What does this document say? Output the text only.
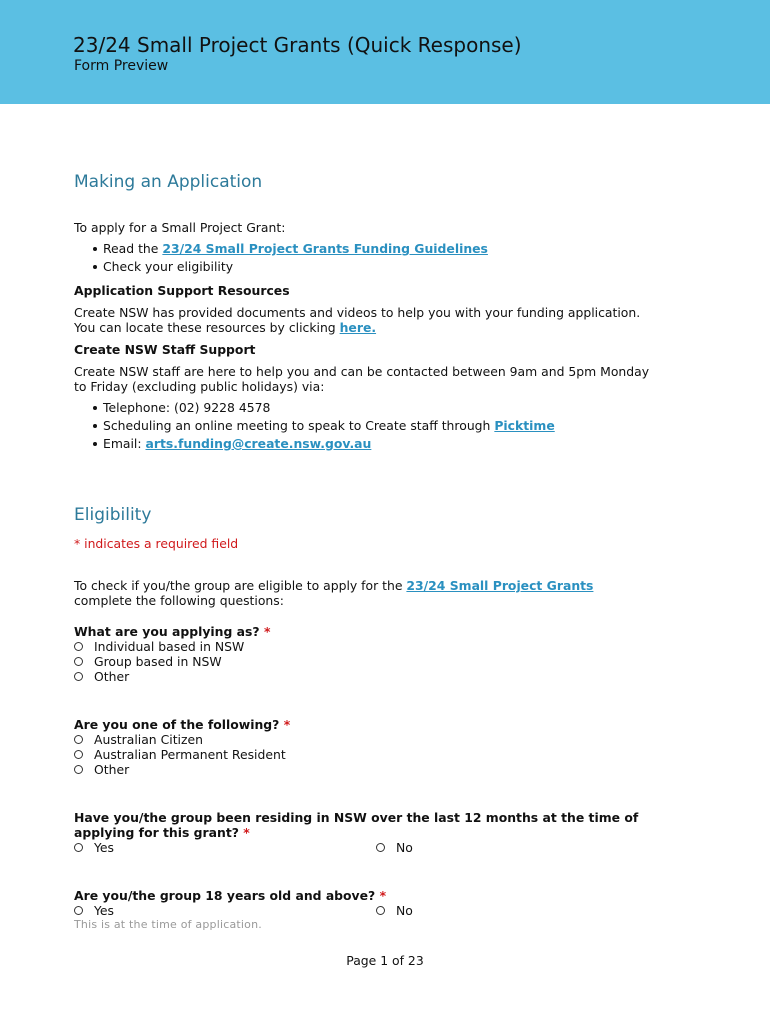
23/24 Small Project Grants (Quick Response)
Form Preview
Making an Application
To apply for a Small Project Grant:
Read the 23/24 Small Project Grants Funding Guidelines
Check your eligibility
Application Support Resources
Create NSW has provided documents and videos to help you with your funding application.
You can locate these resources by clicking here.
Create NSW Staff Support
Create NSW staff are here to help you and can be contacted between 9am and 5pm Monday
to Friday (excluding public holidays) via:
Telephone: (02) 9228 4578
Scheduling an online meeting to speak to Create staff through Picktime
Email: arts.funding@create.nsw.gov.au
Eligibility
* indicates a required field
To check if you/the group are eligible to apply for the 23/24 Small Project Grants
complete the following questions:
What are you applying as? *
Individual based in NSW
Group based in NSW
Other
Are you one of the following? *
Australian Citizen
Australian Permanent Resident
Other
Have you/the group been residing in NSW over the last 12 months at the time of
applying for this grant? *
Yes	No
Are you/the group 18 years old and above? *
Yes	No
This is at the time of application.
Page 1 of 23
